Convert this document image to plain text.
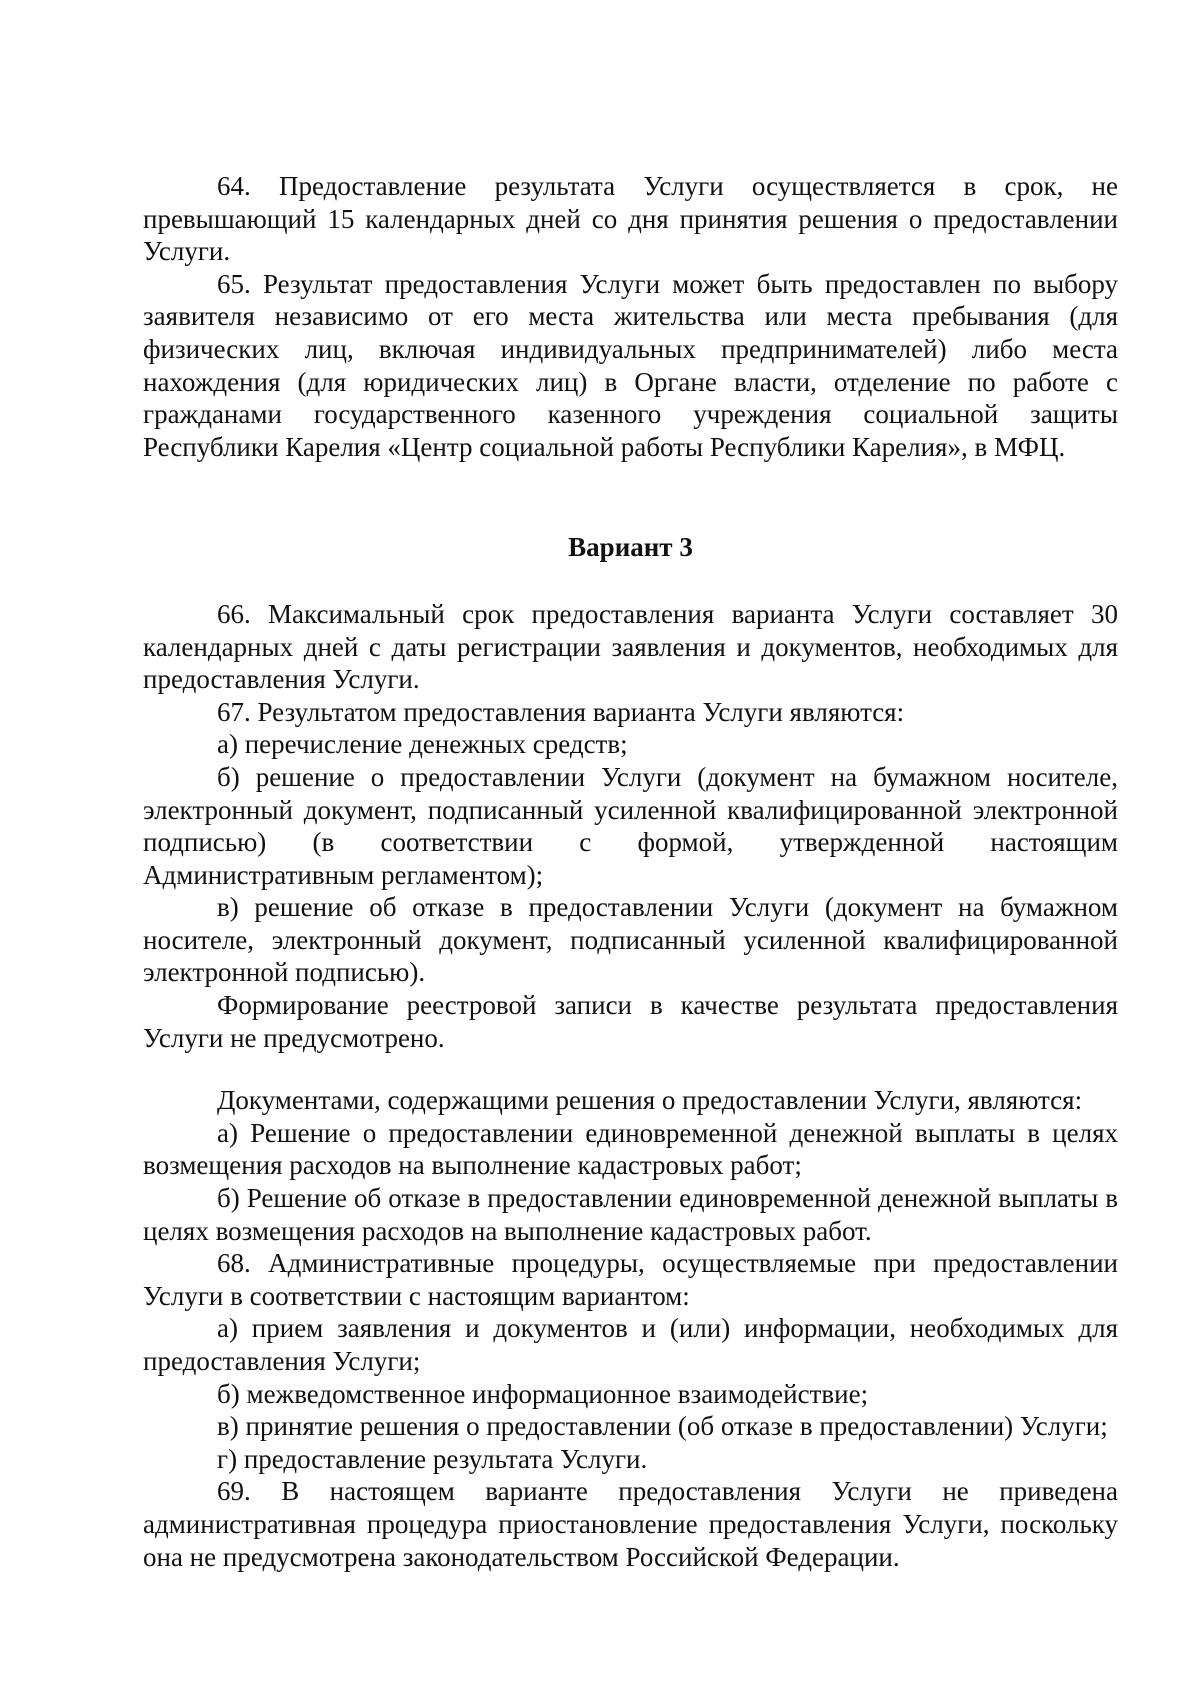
64. Предоставление результата Услуги осуществляется в срок, не превышающий 15 календарных дней со дня принятия решения о предоставлении Услуги.

65. Результат предоставления Услуги может быть предоставлен по выбору заявителя независимо от его места жительства или места пребывания (для физических лиц, включая индивидуальных предпринимателей) либо места нахождения (для юридических лиц) в Органе власти, отделение по работе с гражданами государственного казенного учреждения социальной защиты Республики Карелия «Центр социальной работы Республики Карелия», в МФЦ.

Вариант 3

66. Максимальный срок предоставления варианта Услуги составляет 30 календарных дней с даты регистрации заявления и документов, необходимых для предоставления Услуги.

67. Результатом предоставления варианта Услуги являются:

а) перечисление денежных средств;

б) решение о предоставлении Услуги (документ на бумажном носителе, электронный документ, подписанный усиленной квалифицированной электронной подписью) (в соответствии с формой, утвержденной настоящим Административным регламентом);

в) решение об отказе в предоставлении Услуги (документ на бумажном носителе, электронный документ, подписанный усиленной квалифицированной электронной подписью).

Формирование реестровой записи в качестве результата предоставления Услуги не предусмотрено.

Документами, содержащими решения о предоставлении Услуги, являются:

а) Решение о предоставлении единовременной денежной выплаты в целях возмещения расходов на выполнение кадастровых работ;

б) Решение об отказе в предоставлении единовременной денежной выплаты в целях возмещения расходов на выполнение кадастровых работ.

68. Административные процедуры, осуществляемые при предоставлении Услуги в соответствии с настоящим вариантом:

а) прием заявления и документов и (или) информации, необходимых для предоставления Услуги;

б) межведомственное информационное взаимодействие;

в) принятие решения о предоставлении (об отказе в предоставлении) Услуги;

г) предоставление результата Услуги.

69. В настоящем варианте предоставления Услуги не приведена административная процедура приостановление предоставления Услуги, поскольку она не предусмотрена законодательством Российской Федерации.
